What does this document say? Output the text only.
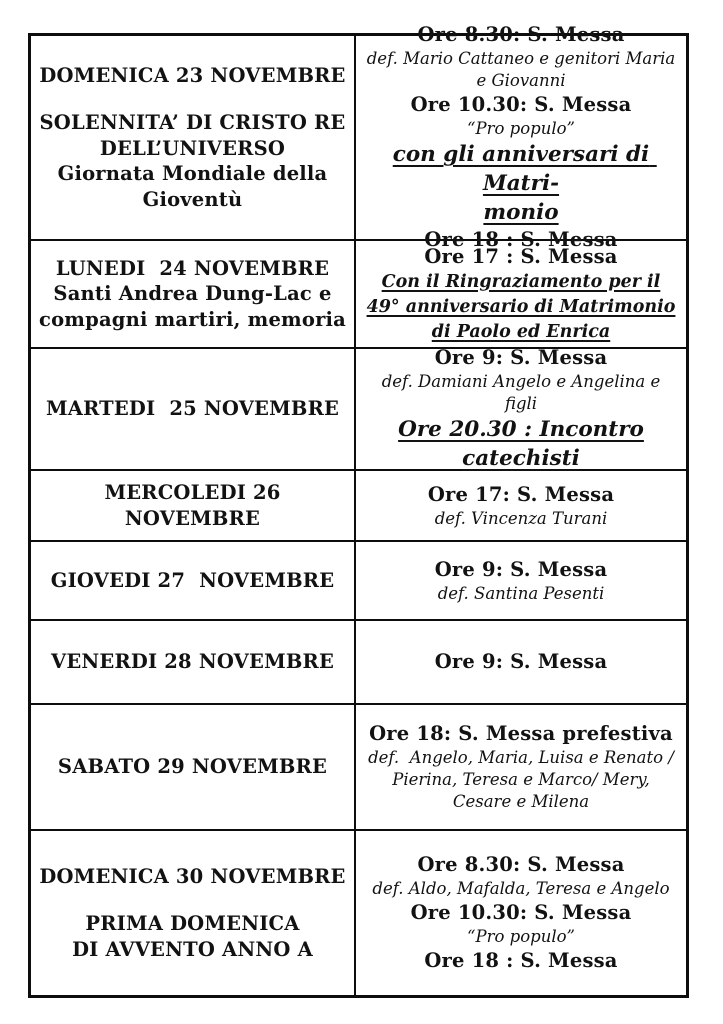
DOMENICA 23 NOVEMBRE
SOLENNITA’ DI CRISTO RE
DELL’UNIVERSO
Giornata Mondiale della
Gioventù
Ore 8.30: S. Messa
def. Mario Cattaneo e genitori Maria e Giovanni
Ore 10.30: S. Messa
“Pro populo”
con gli anniversari di Matri-
monio
Ore 18 : S. Messa
LUNEDI  24 NOVEMBRE
Santi Andrea Dung-Lac e
compagni martiri, memoria
Ore 17 : S. Messa
Con il Ringraziamento per il
49° anniversario di Matrimonio
di Paolo ed Enrica
MARTEDI  25 NOVEMBRE
Ore 9: S. Messa
def. Damiani Angelo e Angelina e figli
Ore 20.30 : Incontro
catechisti
MERCOLEDI 26 NOVEMBRE
Ore 17: S. Messa
def. Vincenza Turani
GIOVEDI 27  NOVEMBRE	Ore 9: S. Messa
def. Santina Pesenti
VENERDI 28 NOVEMBRE	Ore 9: S. Messa
SABATO 29 NOVEMBRE
Ore 18: S. Messa prefestiva
def.  Angelo, Maria, Luisa e Renato / Pierina, Teresa e Marco/ Mery, Cesare e Milena
DOMENICA 30 NOVEMBRE
PRIMA DOMENICA
DI AVVENTO ANNO A
Ore 8.30: S. Messa
def. Aldo, Mafalda, Teresa e Angelo
Ore 10.30: S. Messa
“Pro populo”
Ore 18 : S. Messa
